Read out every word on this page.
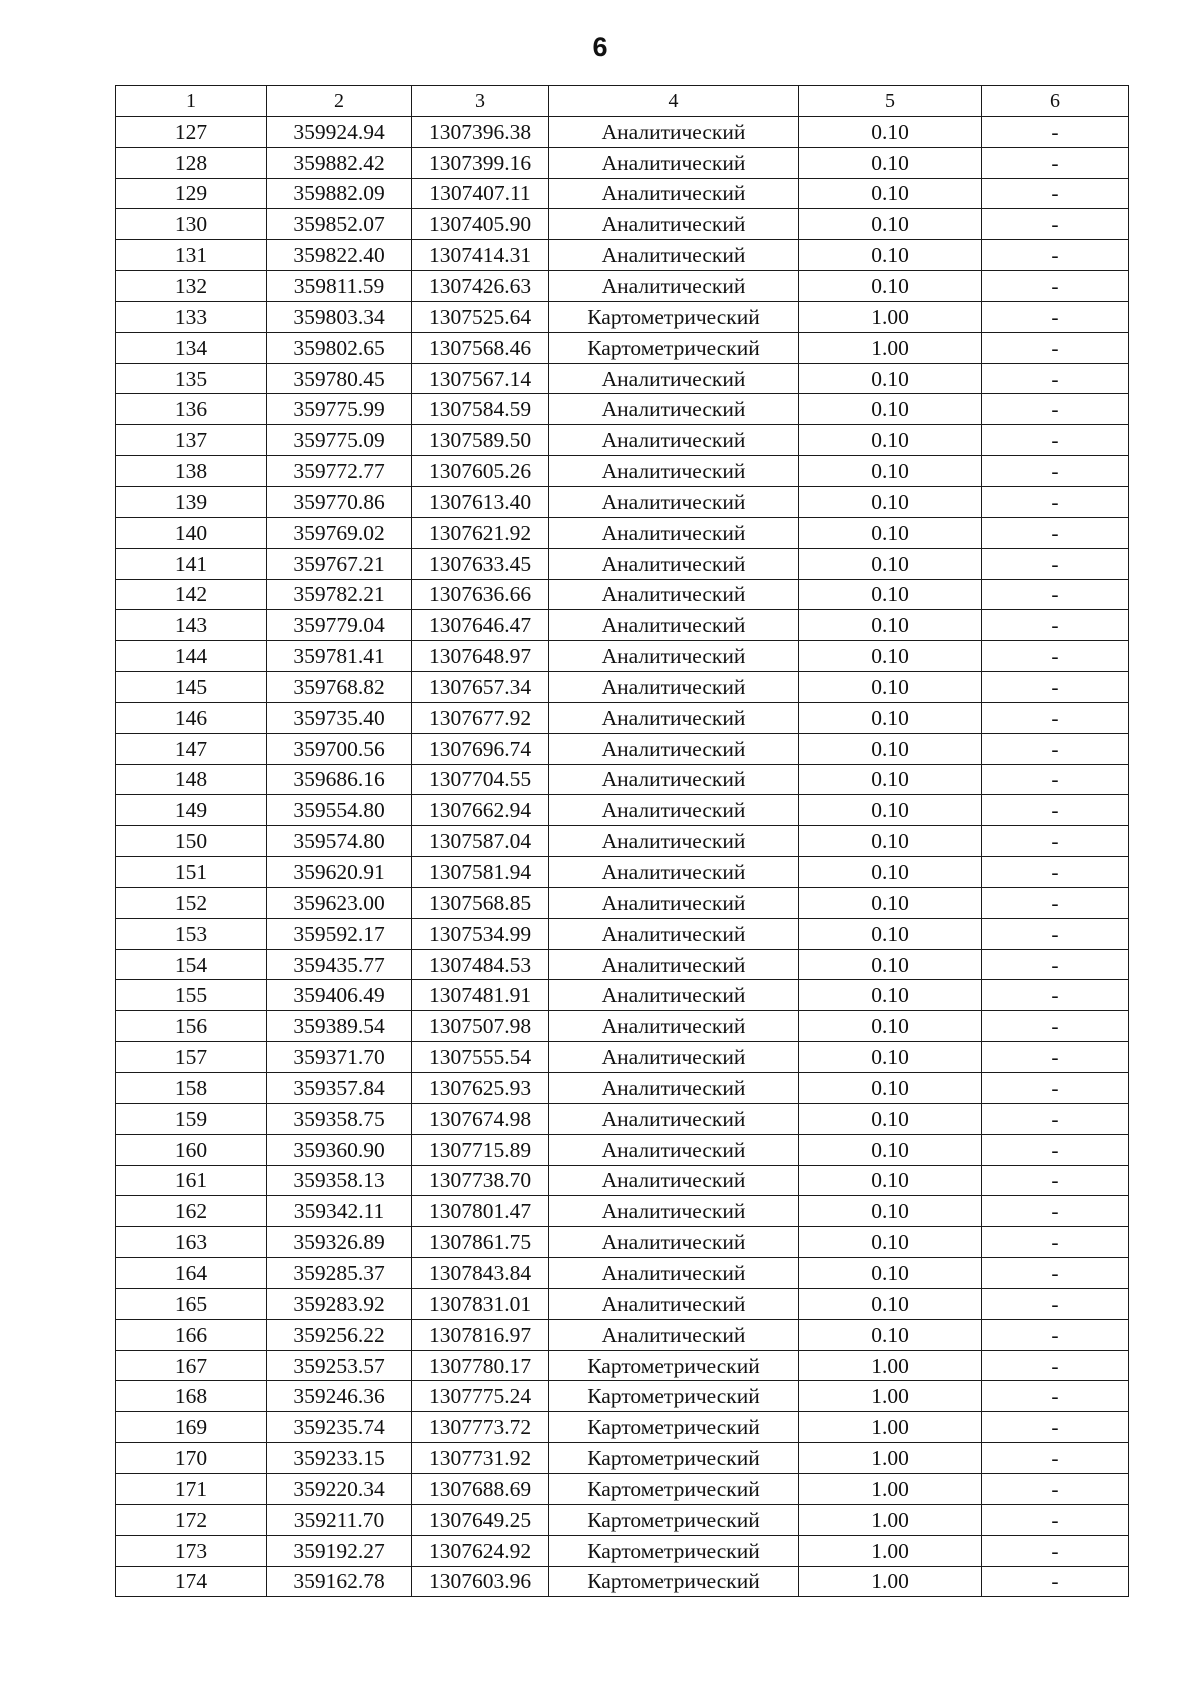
6
1	2	3	4	5	6
127	359924.94	1307396.38	Аналитический	0.10	-
128	359882.42	1307399.16	Аналитический	0.10	-
129	359882.09	1307407.11	Аналитический	0.10	-
130	359852.07	1307405.90	Аналитический	0.10	-
131	359822.40	1307414.31	Аналитический	0.10	-
132	359811.59	1307426.63	Аналитический	0.10	-
133	359803.34	1307525.64	Картометрический	1.00	-
134	359802.65	1307568.46	Картометрический	1.00	-
135	359780.45	1307567.14	Аналитический	0.10	-
136	359775.99	1307584.59	Аналитический	0.10	-
137	359775.09	1307589.50	Аналитический	0.10	-
138	359772.77	1307605.26	Аналитический	0.10	-
139	359770.86	1307613.40	Аналитический	0.10	-
140	359769.02	1307621.92	Аналитический	0.10	-
141	359767.21	1307633.45	Аналитический	0.10	-
142	359782.21	1307636.66	Аналитический	0.10	-
143	359779.04	1307646.47	Аналитический	0.10	-
144	359781.41	1307648.97	Аналитический	0.10	-
145	359768.82	1307657.34	Аналитический	0.10	-
146	359735.40	1307677.92	Аналитический	0.10	-
147	359700.56	1307696.74	Аналитический	0.10	-
148	359686.16	1307704.55	Аналитический	0.10	-
149	359554.80	1307662.94	Аналитический	0.10	-
150	359574.80	1307587.04	Аналитический	0.10	-
151	359620.91	1307581.94	Аналитический	0.10	-
152	359623.00	1307568.85	Аналитический	0.10	-
153	359592.17	1307534.99	Аналитический	0.10	-
154	359435.77	1307484.53	Аналитический	0.10	-
155	359406.49	1307481.91	Аналитический	0.10	-
156	359389.54	1307507.98	Аналитический	0.10	-
157	359371.70	1307555.54	Аналитический	0.10	-
158	359357.84	1307625.93	Аналитический	0.10	-
159	359358.75	1307674.98	Аналитический	0.10	-
160	359360.90	1307715.89	Аналитический	0.10	-
161	359358.13	1307738.70	Аналитический	0.10	-
162	359342.11	1307801.47	Аналитический	0.10	-
163	359326.89	1307861.75	Аналитический	0.10	-
164	359285.37	1307843.84	Аналитический	0.10	-
165	359283.92	1307831.01	Аналитический	0.10	-
166	359256.22	1307816.97	Аналитический	0.10	-
167	359253.57	1307780.17	Картометрический	1.00	-
168	359246.36	1307775.24	Картометрический	1.00	-
169	359235.74	1307773.72	Картометрический	1.00	-
170	359233.15	1307731.92	Картометрический	1.00	-
171	359220.34	1307688.69	Картометрический	1.00	-
172	359211.70	1307649.25	Картометрический	1.00	-
173	359192.27	1307624.92	Картометрический	1.00	-
174	359162.78	1307603.96	Картометрический	1.00	-
